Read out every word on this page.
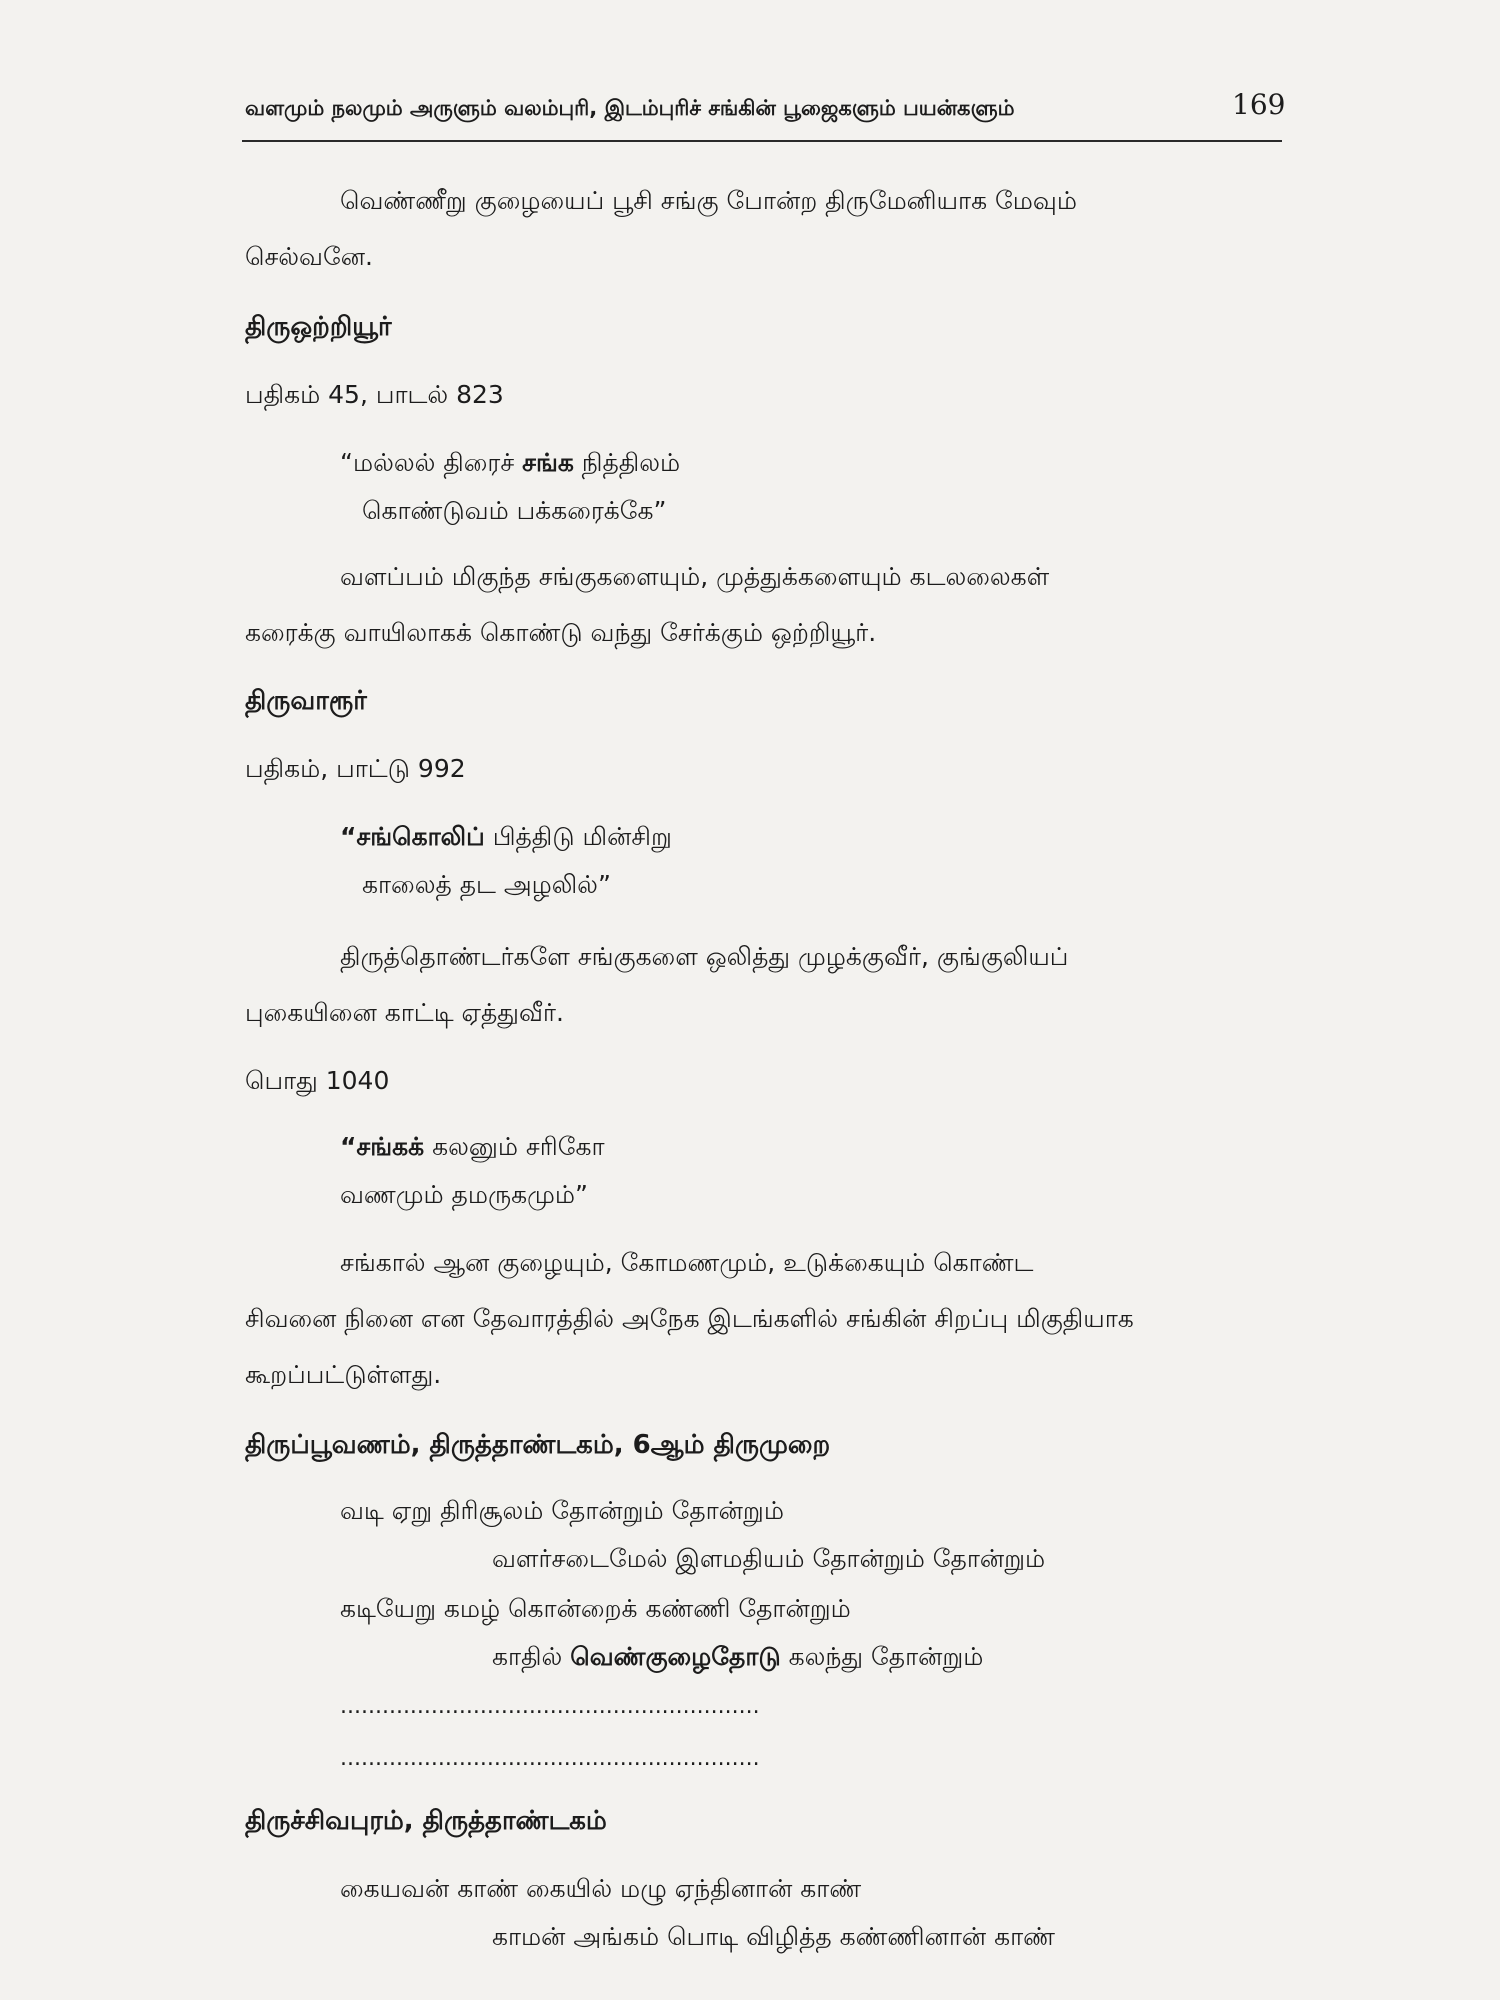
வளமும் நலமும் அருளும் வலம்புரி, இடம்புரிச் சங்கின் பூஜைகளும் பயன்களும்	169
வெண்ணீறு குழையைப் பூசி சங்கு போன்ற திருமேனியாக மேவும்
செல்வனே.
திருஒற்றியூர்
பதிகம் 45, பாடல் 823
“மல்லல் திரைச் சங்க நித்திலம்
கொண்டுவம் பக்கரைக்கே”
வளப்பம் மிகுந்த சங்குகளையும், முத்துக்களையும் கடலலைகள்
கரைக்கு வாயிலாகக் கொண்டு வந்து சேர்க்கும் ஒற்றியூர்.
திருவாரூர்
பதிகம், பாட்டு 992
“சங்கொலிப் பித்திடு மின்சிறு
காலைத் தட அழலில்”
திருத்தொண்டர்களே சங்குகளை ஒலித்து முழக்குவீர், குங்குலியப்
புகையினை காட்டி ஏத்துவீர்.
பொது 1040
“சங்கக் கலனும் சரிகோ
வணமும் தமருகமும்”
சங்கால் ஆன குழையும், கோமணமும், உடுக்கையும் கொண்ட
சிவனை நினை என தேவாரத்தில் அநேக இடங்களில் சங்கின் சிறப்பு மிகுதியாக
கூறப்பட்டுள்ளது.
திருப்பூவணம், திருத்தாண்டகம், 6ஆம் திருமுறை
வடி ஏறு திரிசூலம் தோன்றும் தோன்றும்
வளர்சடைமேல் இளமதியம் தோன்றும் தோன்றும்
கடியேறு கமழ் கொன்றைக் கண்ணி தோன்றும்
காதில் வெண்குழைதோடு கலந்து தோன்றும்
............................................................
............................................................
திருச்சிவபுரம், திருத்தாண்டகம்
கையவன் காண் கையில் மழு ஏந்தினான் காண்
காமன் அங்கம் பொடி விழித்த கண்ணினான் காண்
